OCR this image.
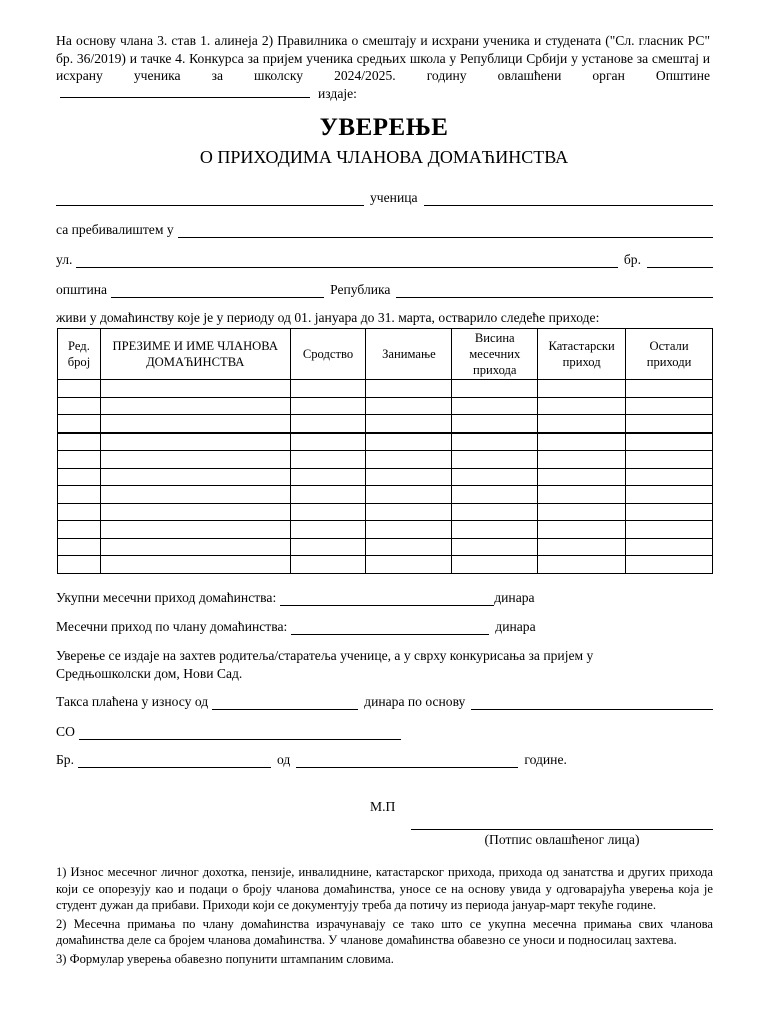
На основу члана 3. став 1. алинеја 2) Правилника о смештају и исхрани ученика и студената ("Сл. гласник РС" бр. 36/2019) и тачке 4. Конкурса за пријем ученика средњих школа у Републици Србији у установе за смештај и исхрану ученика за школску 2024/2025. годину овлашћени орган Општинеиздаје:
УВЕРЕЊЕ
О ПРИХОДИМА ЧЛАНОВА ДОМАЋИНСТВА
ученица
са пребивалиштем у
ул.	бр.
општина	Република
живи у домаћинству које је у периоду од 01. јануара до 31. марта, остварило следеће приходе:
Ред. број	ПРЕЗИМЕ И ИМЕ ЧЛАНОВА ДОМАЋИНСТВА	Сродство	Занимање	Висина месечних прихода	Катастарски приход	Остали приходи

Укупни месечни приход домаћинства:	динара
Месечни приход по члану домаћинства:	динара
Уверење се издаје на захтев родитеља/старатеља ученице, а у сврху конкурисања за пријем у Средњошколски дом, Нови Сад.
Такса плаћена у износу од	динара по основу
СО
Бр.	од	године.
М.П
(Потпис овлашћеног лица)

1) Износ месечног личног дохотка, пензије, инвалиднине, катастарског прихода, прихода од занатства и других прихода који се опорезују као и подаци о броју чланова домаћинства, уносе се на основу увида у одговарајућа уверења која је студент дужан да прибави. Приходи који се документују треба да потичу из периода јануар-март текуће године.

2) Месечна примања по члану домаћинства израчунавају се тако што се укупна месечна примања свих чланова домаћинства деле са бројем чланова домаћинства. У чланове домаћинства обавезно се уноси и подносилац захтева.

3) Формулар уверења обавезно попунити штампаним словима.
